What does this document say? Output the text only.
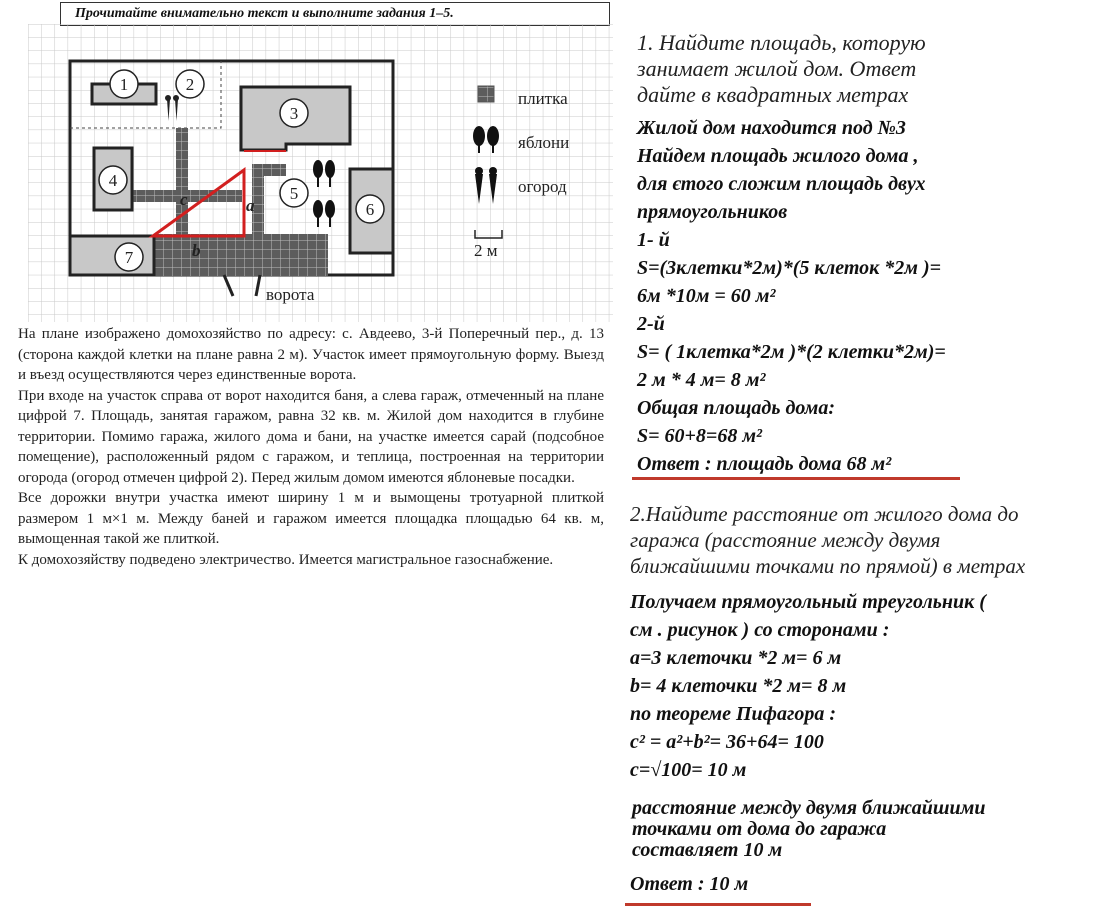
Прочитайте внимательно текст и выполните задания 1–5.
1	2
3
4
5
6
7
c	a
b
ворота
плитка
яблони
огород
2 м

На плане изображено домохозяйство по адресу: с. Авдеево, 3-й Поперечный пер., д. 13 (сторона каждой клетки на плане равна 2 м). Участок имеет прямоугольную форму. Выезд и въезд осуществляются через единственные ворота.

При входе на участок справа от ворот находится баня, а слева гараж, отмеченный на плане цифрой 7. Площадь, занятая гаражом, равна 32 кв. м. Жилой дом находится в глубине территории. Помимо гаража, жилого дома и бани, на участке имеется сарай (подсобное помещение), расположенный рядом с гаражом, и теплица, построенная на территории огорода (огород отмечен цифрой 2). Перед жилым домом имеются яблоневые посадки.

Все дорожки внутри участка имеют ширину 1 м и вымощены тротуарной плиткой размером 1 м×1 м. Между баней и гаражом имеется площадка площадью 64 кв. м, вымощенная такой же плиткой.

К домохозяйству подведено электричество. Имеется магистральное газоснабжение.

1. Найдите площадь, которую
занимает жилой дом. Ответ
дайте в квадратных метрах
Жилой дом находится под №3
Найдем площадь жилого дома ,
для єтого сложим площадь двух
прямоугольников
1- й
S=(3клетки*2м)*(5 клеток *2м )=
6м *10м = 60 м²
2-й
S= ( 1клетка*2м )*(2 клетки*2м)=
2 м * 4 м= 8 м²
Общая площадь дома:
S= 60+8=68 м²
Ответ : площадь дома 68 м²
2.Найдите расстояние от жилого дома до
гаража (расстояние между двумя
ближайшими точками по прямой) в метрах
Получаем прямоугольный треугольник (
см . рисунок ) со сторонами :
a=3 клеточки *2 м= 6 м
b= 4 клеточки *2 м= 8 м
по теореме Пифагора :
c² = a²+b²= 36+64= 100
c=√100= 10 м
расстояние между двумя ближайшими
точками от дома до гаража
составляет 10 м
Ответ : 10 м
